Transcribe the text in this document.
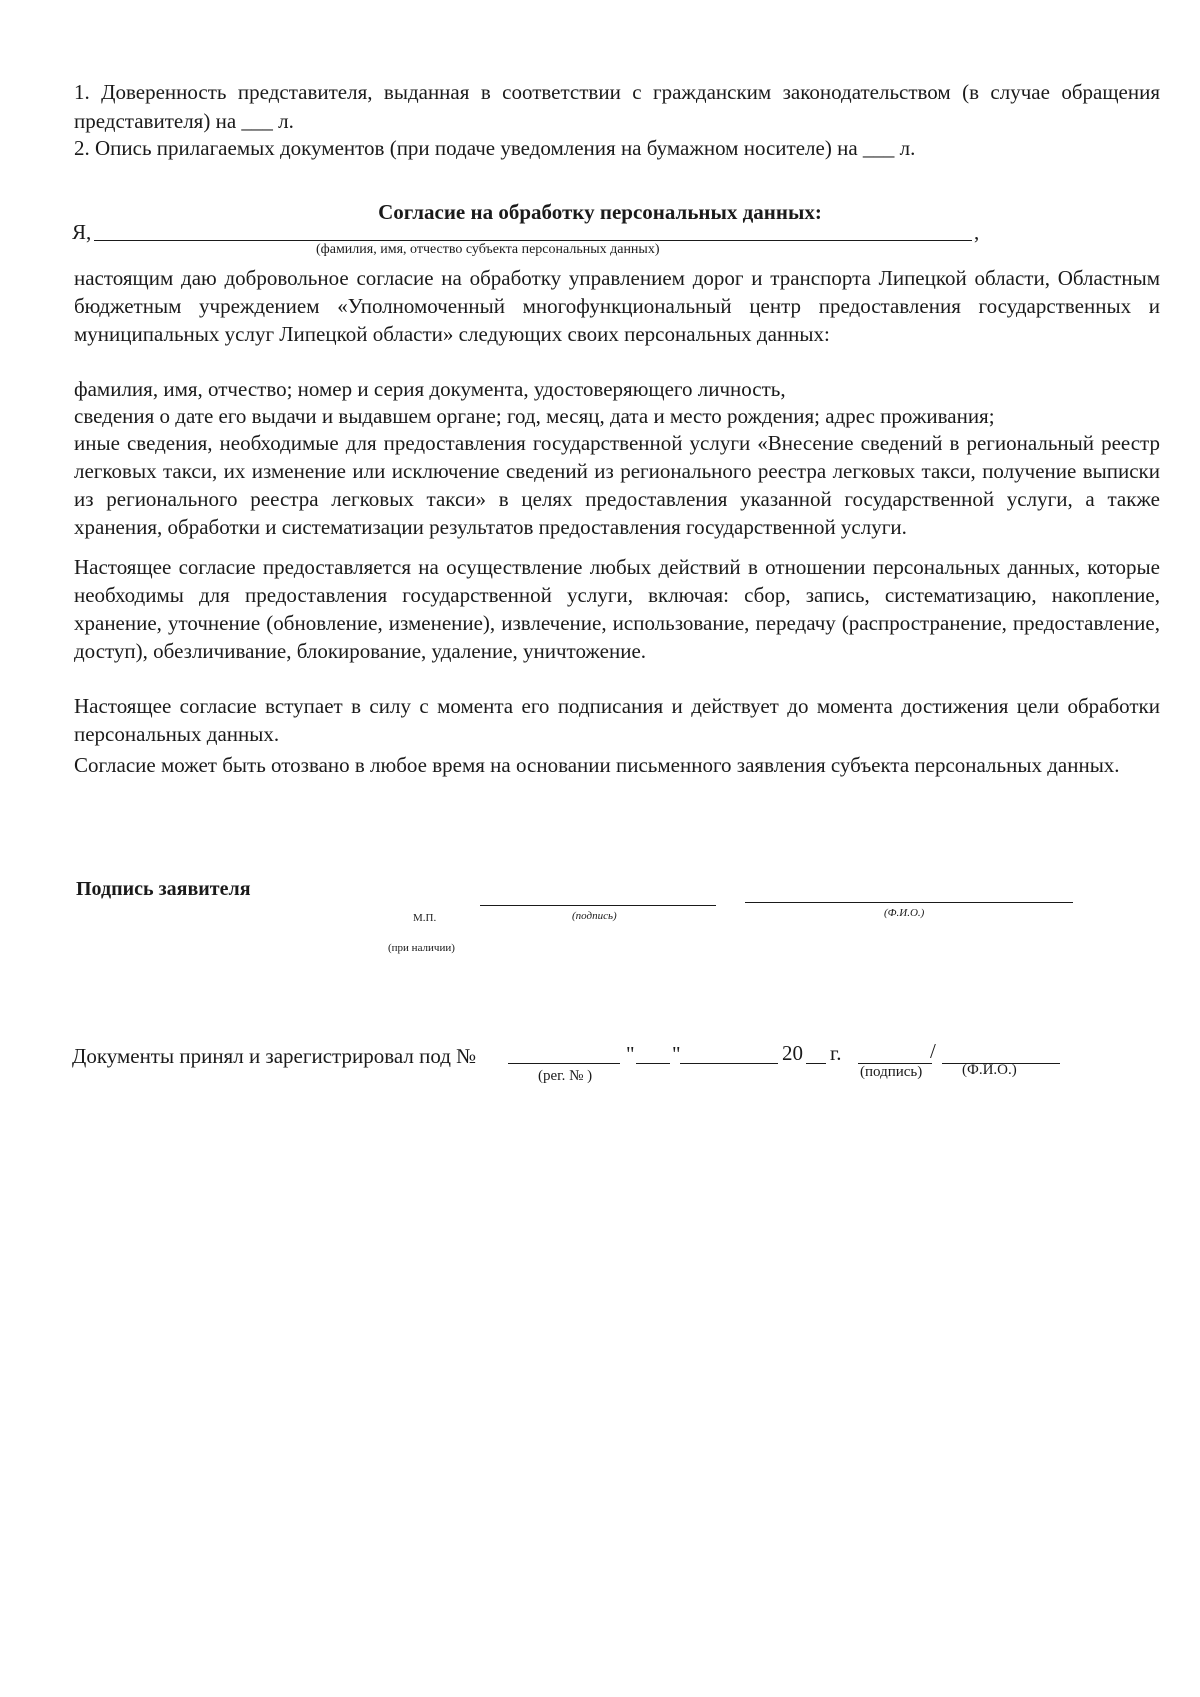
1. Доверенность представителя, выданная в соответствии с гражданским законодательством (в случае обращения представителя) на ___ л.
2. Опись прилагаемых документов (при подаче уведомления на бумажном носителе) на ___ л.
Согласие на обработку персональных данных:
Я,	,
(фамилия, имя, отчество субъекта персональных данных)
настоящим даю добровольное согласие на обработку управлением дорог и транспорта Липецкой области, Областным бюджетным учреждением «Уполномоченный многофункциональный центр предоставления государственных и муниципальных услуг Липецкой области» следующих своих персональных данных:
фамилия, имя, отчество; номер и серия документа, удостоверяющего личность,
сведения о дате его выдачи и выдавшем органе; год, месяц, дата и место рождения; адрес проживания;
иные сведения, необходимые для предоставления государственной услуги «Внесение сведений в региональный реестр легковых такси, их изменение или исключение сведений из регионального реестра легковых такси, получение выписки из регионального реестра легковых такси» в целях предоставления указанной государственной услуги, а также хранения, обработки и систематизации результатов предоставления государственной услуги.
Настоящее согласие предоставляется на осуществление любых действий в отношении персональных данных, которые необходимы для предоставления государственной услуги, включая: сбор, запись, систематизацию, накопление, хранение, уточнение (обновление, изменение), извлечение, использование, передачу (распространение, предоставление, доступ), обезличивание, блокирование, удаление, уничтожение.
Настоящее согласие вступает в силу с момента его подписания и действует до момента достижения цели обработки персональных данных.
Согласие может быть отозвано в любое время на основании письменного заявления субъекта персональных данных.
Подпись заявителя
М.П.	(подпись)	(Ф.И.О.)
(при наличии)
Документы принял и зарегистрировал под №	" "	20 г.	/
(рег. № )	(подпись)	(Ф.И.О.)
